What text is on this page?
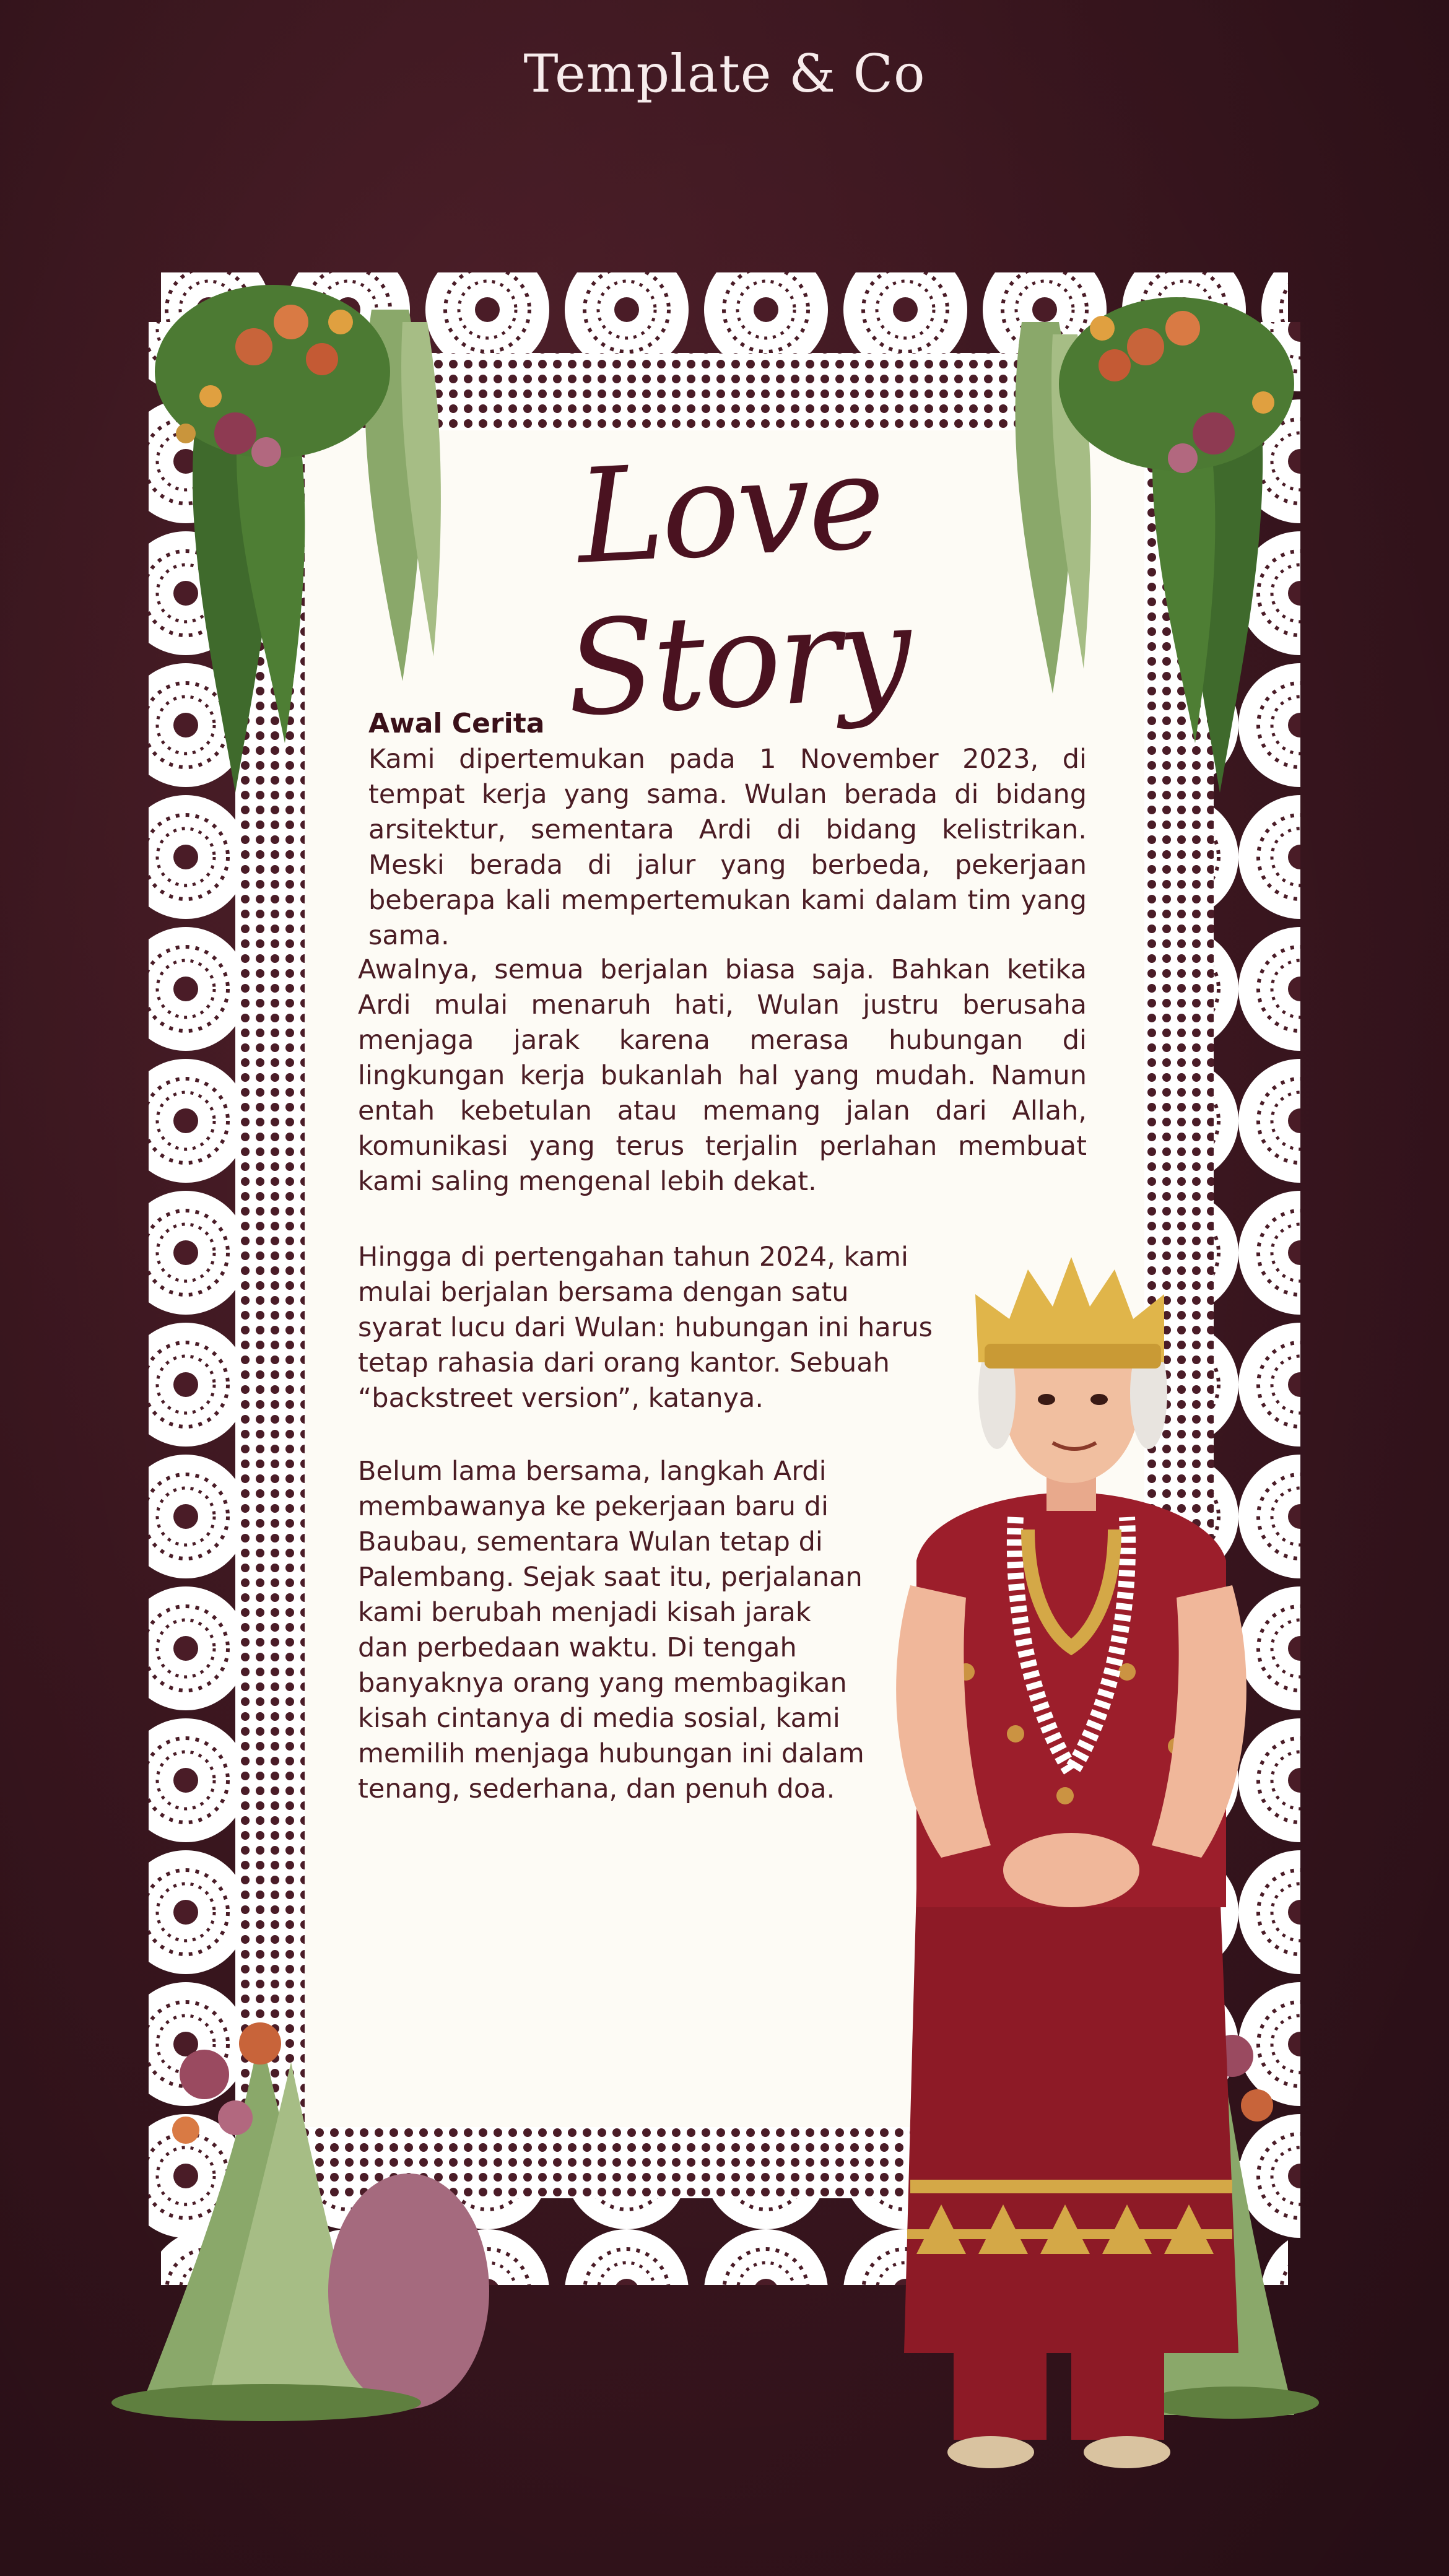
Template & Co
Love Story
Awal Cerita

Kami dipertemukan pada 1 November 2023, di tempat kerja yang sama. Wulan berada di bidang arsitektur, sementara Ardi di bidang kelistrikan. Meski berada di jalur yang berbeda, pekerjaan beberapa kali mempertemukan kami dalam tim yang sama.

Awalnya, semua berjalan biasa saja. Bahkan ketika Ardi mulai menaruh hati, Wulan justru berusaha menjaga jarak karena merasa hubungan di lingkungan kerja bukanlah hal yang mudah. Namun entah kebetulan atau memang jalan dari Allah, komunikasi yang terus terjalin perlahan membuat kami saling mengenal lebih dekat.

Hingga di pertengahan tahun 2024, kami mulai berjalan bersama dengan satu syarat lucu dari Wulan: hubungan ini harus tetap rahasia dari orang kantor. Sebuah “backstreet version”, katanya.

Belum lama bersama, langkah Ardi membawanya ke pekerjaan baru di Baubau, sementara Wulan tetap di Palembang. Sejak saat itu, perjalanan kami berubah menjadi kisah jarak dan perbedaan waktu. Di tengah banyaknya orang yang membagikan kisah cintanya di media sosial, kami memilih menjaga hubungan ini dalam tenang, sederhana, dan penuh doa.
